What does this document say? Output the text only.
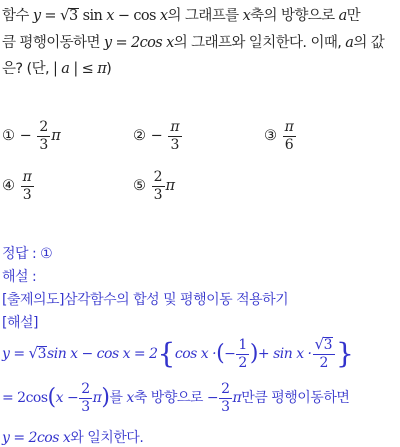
함수 y = √ 3 sin x − cos x의 그래프를 x축의 방향으로 a만
큼 평행이동하면 y = 2cos x의 그래프와 일치한다. 이때, a의 값
은? (단, | a | ≤ π)
① − $\frac{2}{3}$ π	② − $\frac{\pi}{3}$	③ $\frac{\pi}{6}$
④ $\frac{\pi}{3}$	⑤ $\frac{2}{3}$ π
정답 : ①
해설 :
[출제의도]삼각함수의 합성 및 평행이동 적용하기
[해설]
y = √ 3 sin x − cos x = 2{cos x ·(− $\frac{1}{2}$ )+ $\sin x \cdot \frac{√ 3}{2}$ }
= $2\cos(x - \frac{2}{3} \pi)$를 x축 방향으로 − $\frac{2}{3}$ π만큼 평행이동하면
y = 2cos x와 일치한다.
